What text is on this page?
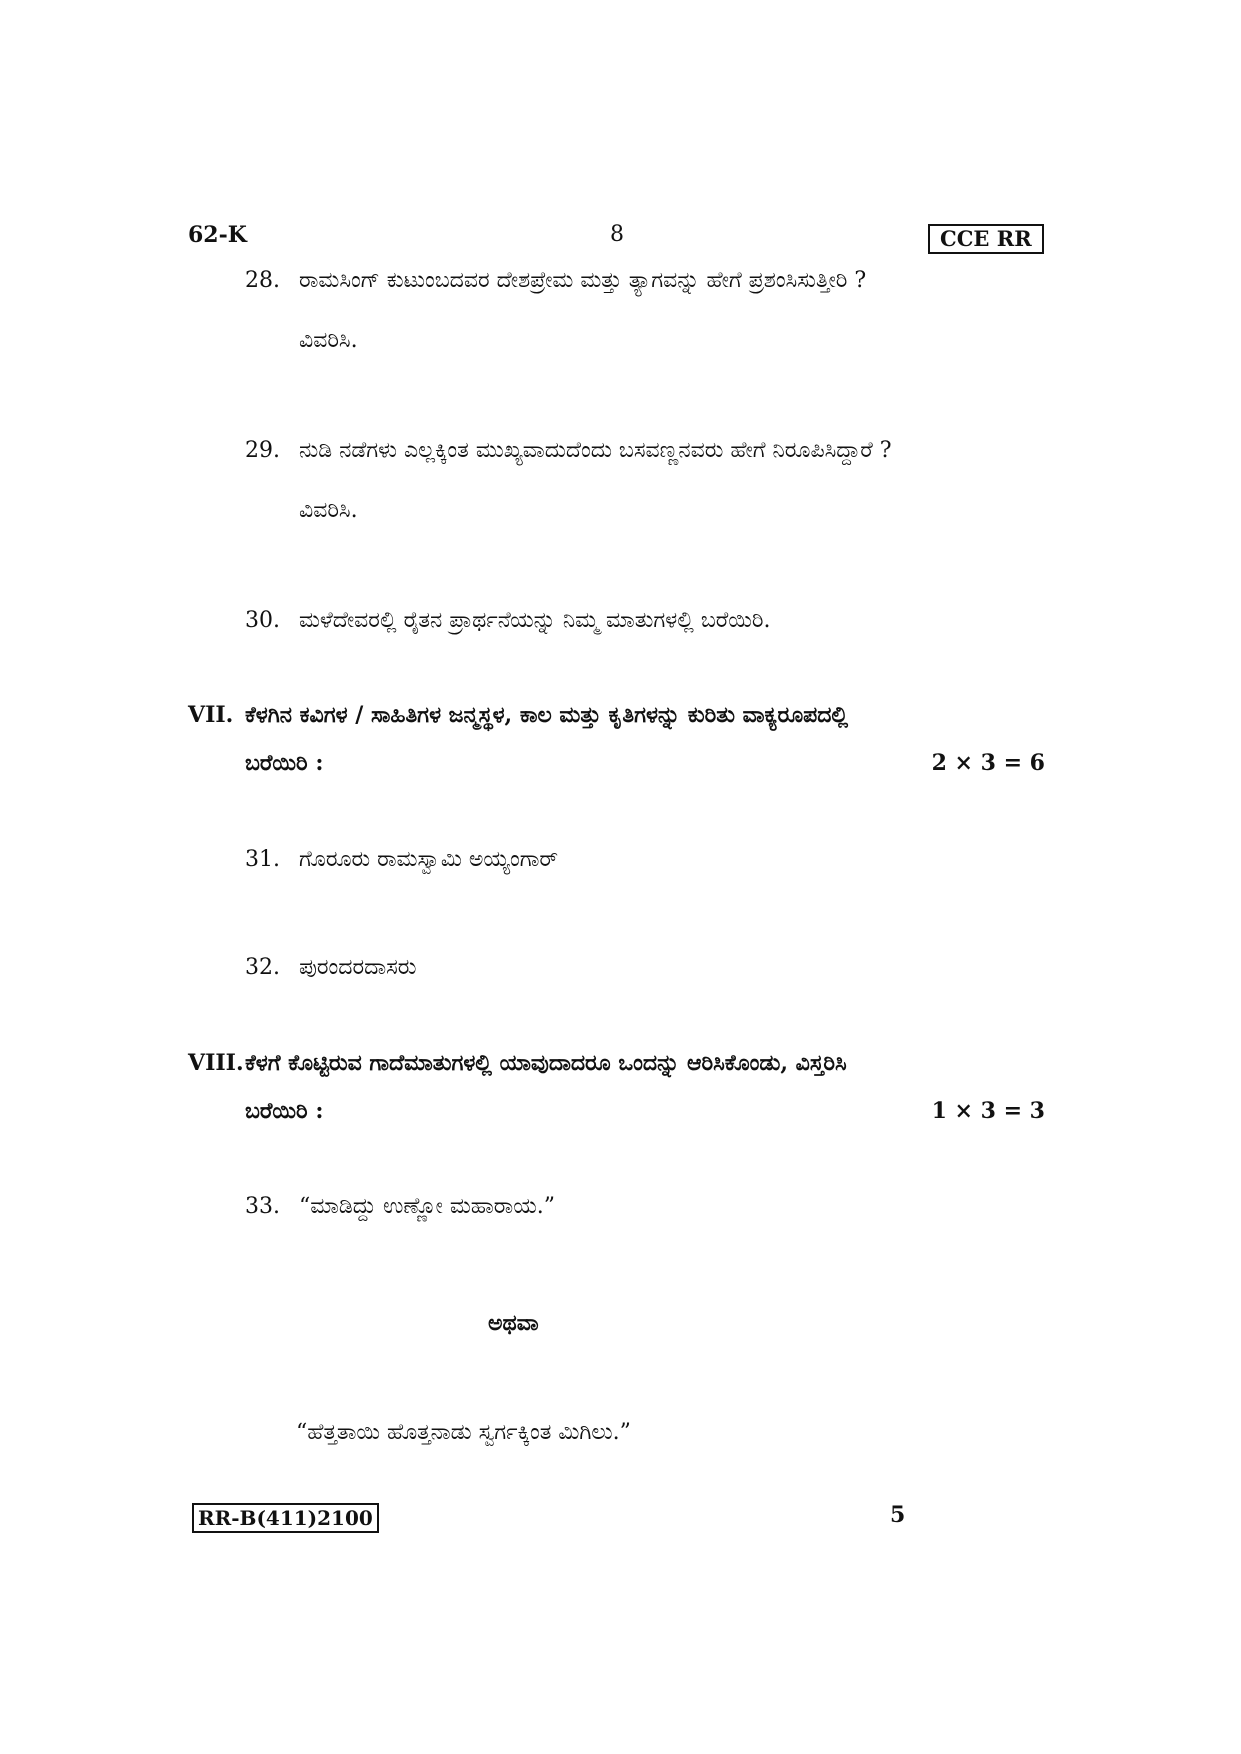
62-K	8	CCE RR
28. ರಾಮಸಿಂಗ್ ಕುಟುಂಬದವರ ದೇಶಪ್ರೇಮ ಮತ್ತು ತ್ಯಾಗವನ್ನು ಹೇಗೆ ಪ್ರಶಂಸಿಸುತ್ತೀರಿ ?
ವಿವರಿಸಿ.
29. ನುಡಿ ನಡೆಗಳು ಎಲ್ಲಕ್ಕಿಂತ ಮುಖ್ಯವಾದುದೆಂದು ಬಸವಣ್ಣನವರು ಹೇಗೆ ನಿರೂಪಿಸಿದ್ದಾರೆ ?
ವಿವರಿಸಿ.
30. ಮಳೆದೇವರಲ್ಲಿ ರೈತನ ಪ್ರಾರ್ಥನೆಯನ್ನು ನಿಮ್ಮ ಮಾತುಗಳಲ್ಲಿ ಬರೆಯಿರಿ.
VII. ಕೆಳಗಿನ ಕವಿಗಳ / ಸಾಹಿತಿಗಳ ಜನ್ಮಸ್ಥಳ, ಕಾಲ ಮತ್ತು ಕೃತಿಗಳನ್ನು ಕುರಿತು ವಾಕ್ಯರೂಪದಲ್ಲಿ
ಬರೆಯಿರಿ :	2 × 3 = 6
31. ಗೊರೂರು ರಾಮಸ್ವಾಮಿ ಅಯ್ಯಂಗಾರ್
32. ಪುರಂದರದಾಸರು
VIII. ಕೆಳಗೆ ಕೊಟ್ಟಿರುವ ಗಾದೆಮಾತುಗಳಲ್ಲಿ ಯಾವುದಾದರೂ ಒಂದನ್ನು ಆರಿಸಿಕೊಂಡು, ವಿಸ್ತರಿಸಿ
ಬರೆಯಿರಿ :	1 × 3 = 3
33. “ಮಾಡಿದ್ದು ಉಣ್ಣೋ ಮಹಾರಾಯ.”
ಅಥವಾ
“ಹೆತ್ತತಾಯಿ ಹೊತ್ತನಾಡು ಸ್ವರ್ಗಕ್ಕಿಂತ ಮಿಗಿಲು.”
RR-B(411)2100	5
